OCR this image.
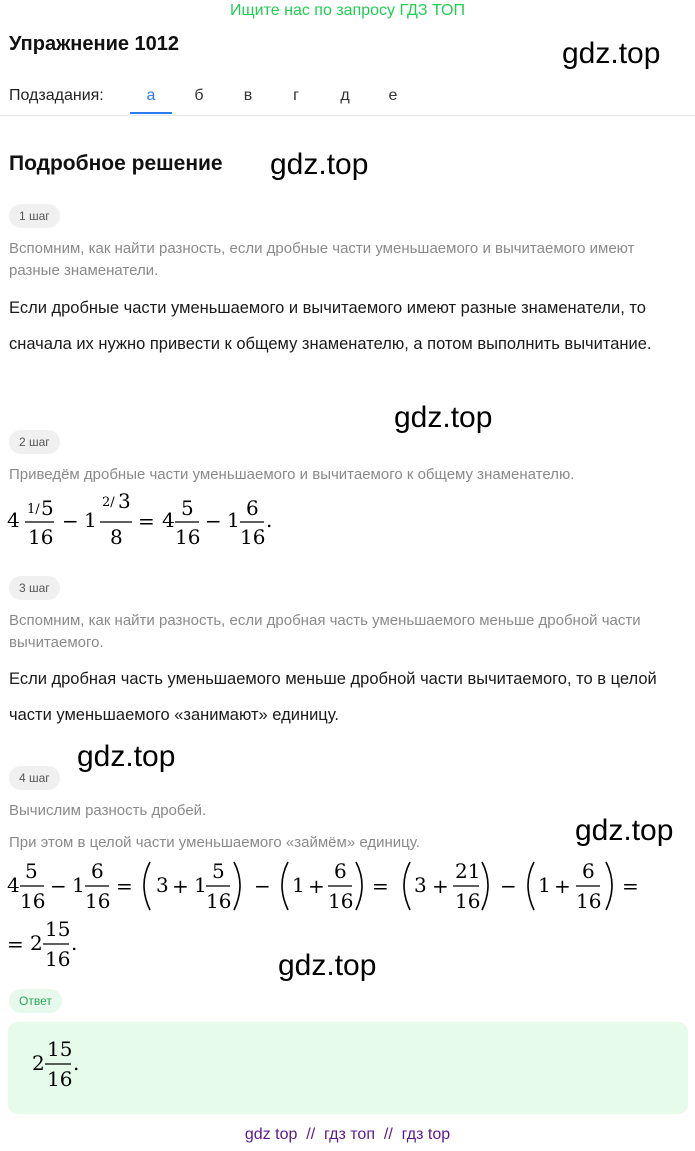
Ищите нас по запросу ГДЗ ТОП
Упражнение 1012	gdz.top
gdz.top
gdz.top
gdz.top
gdz.top
gdz.top
Подзадания:	а	б	в	г	д	е
Подробное решение
1 шаг
Вспомним, как найти разность, если дробные части уменьшаемого и вычитаемого имеют разные знаменатели.
Если дробные части уменьшаемого и вычитаемого имеют разные знаменатели, то сначала их нужно привести к общему знаменателю, а потом выполнить вычитание.
2 шаг
Приведём дробные части уменьшаемого и вычитаемого к общему знаменателю.
4 1/ 5
16
− 1
2/ 3
8
= 4 5
16
− 1 6
16
.
3 шаг
Вспомним, как найти разность, если дробная часть уменьшаемого меньше дробной части вычитаемого.
Если дробная часть уменьшаемого меньше дробной части вычитаемого, то в целой части уменьшаемого «занимают» единицу.
4 шаг
Вычислим разность дробей.
При этом в целой части уменьшаемого «займём» единицу.
4
5
16
− 1
6
16
= 3 + 1
5
16
− 1 +
6
16
= 3 +
21
16
− 1 +
6
16
=
= 2
15
16
.
Ответ
2
15
16
.
gdz top  //  гдз топ  //  гдз top
